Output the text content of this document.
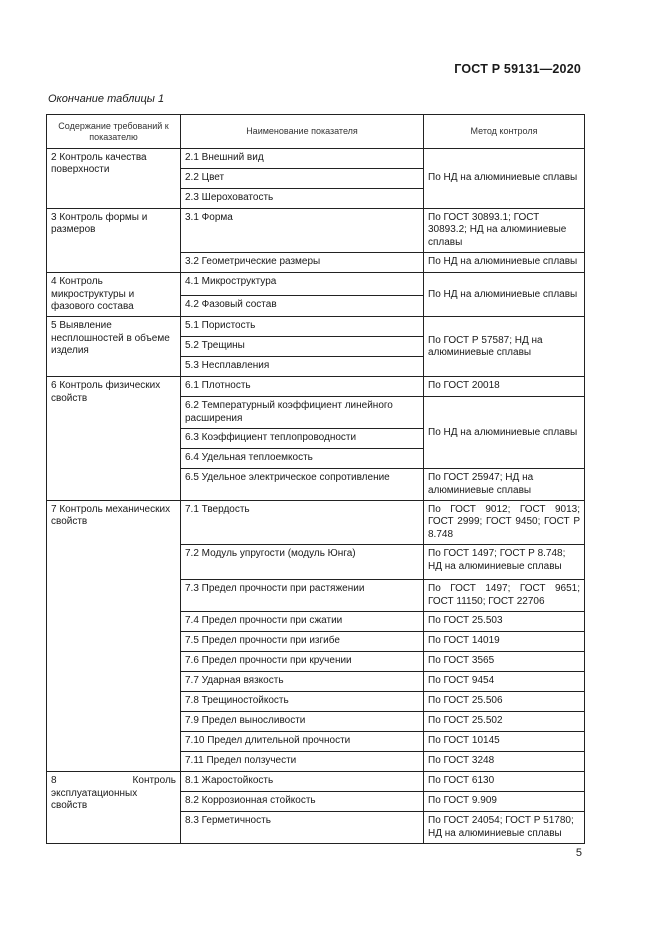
ГОСТ Р 59131—2020
Окончание таблицы 1
Содержание требований к показателю	Наименование показателя	Метод контроля
2 Контроль качества поверхности	2.1 Внешний вид	По НД на алюминиевые сплавы
	2.2 Цвет	
	2.3 Шероховатость	
3 Контроль формы и размеров	3.1 Форма	По ГОСТ 30893.1; ГОСТ 30893.2; НД на алюминиевые сплавы
	3.2 Геометрические размеры	По НД на алюминиевые сплавы
4 Контроль микроструктуры и фазового состава	4.1 Микроструктура	По НД на алюминиевые сплавы
	4.2 Фазовый состав	
5 Выявление несплошностей в объеме изделия	5.1 Пористость	По ГОСТ Р 57587; НД на алюминиевые сплавы
	5.2 Трещины	
	5.3 Несплавления	
6 Контроль физических свойств	6.1 Плотность	По ГОСТ 20018
	6.2 Температурный коэффициент линейного расширения	По НД на алюминиевые сплавы
	6.3 Коэффициент теплопроводности	
	6.4 Удельная теплоемкость	
	6.5 Удельное электрическое сопротивление	По ГОСТ 25947; НД на алюминиевые сплавы
7 Контроль механических свойств	7.1 Твердость	По ГОСТ 9012; ГОСТ 9013; ГОСТ 2999; ГОСТ 9450; ГОСТ Р 8.748
	7.2 Модуль упругости (модуль Юнга)	По ГОСТ 1497; ГОСТ Р 8.748; НД на алюминиевые сплавы
	7.3 Предел прочности при растяжении	По ГОСТ 1497; ГОСТ 9651; ГОСТ 11150; ГОСТ 22706
	7.4 Предел прочности при сжатии	По ГОСТ 25.503
	7.5 Предел прочности при изгибе	По ГОСТ 14019
	7.6 Предел прочности при кручении	По ГОСТ 3565
	7.7 Ударная вязкость	По ГОСТ 9454
	7.8 Трещиностойкость	По ГОСТ 25.506
	7.9 Предел выносливости	По ГОСТ 25.502
	7.10 Предел длительной прочности	По ГОСТ 10145
	7.11 Предел ползучести	По ГОСТ 3248
8 Контроль эксплуатационных свойств	8.1 Жаростойкость	По ГОСТ 6130
	8.2 Коррозионная стойкость	По ГОСТ 9.909
	8.3 Герметичность	По ГОСТ 24054; ГОСТ Р 51780; НД на алюминиевые сплавы
5
